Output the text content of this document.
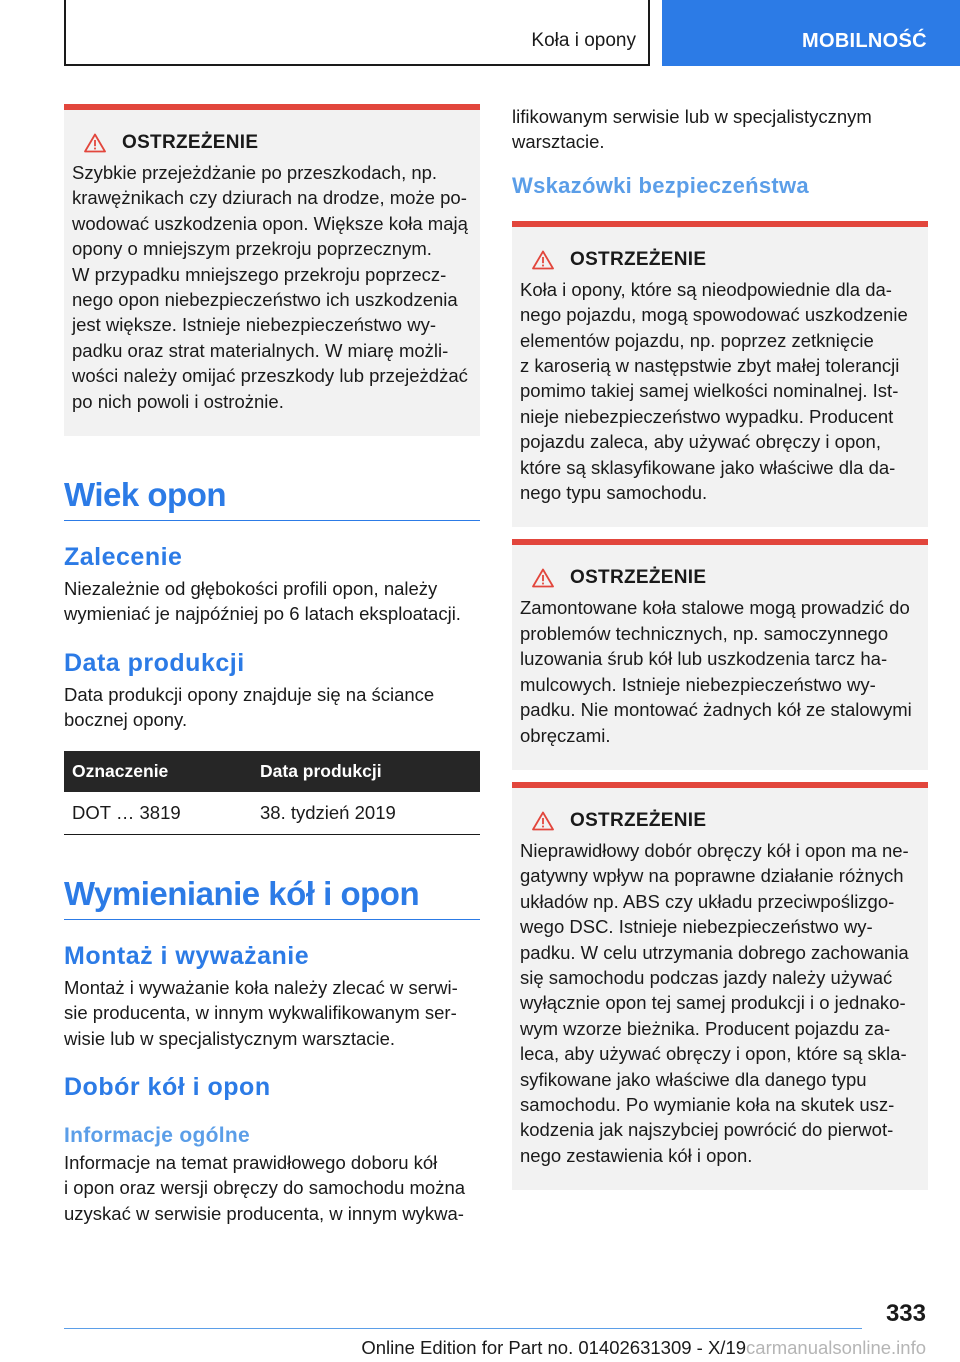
Koła i opony	MOBILNOŚĆ
OSTRZEŻENIE
Szybkie przejeżdżanie po przeszkodach, np.
krawężnikach czy dziurach na drodze, może po-
wodować uszkodzenia opon. Większe koła mają
opony o mniejszym przekroju poprzecznym.
W przypadku mniejszego przekroju poprzecz-
nego opon niebezpieczeństwo ich uszkodzenia
jest większe. Istnieje niebezpieczeństwo wy-
padku oraz strat materialnych. W miarę możli-
wości należy omijać przeszkody lub przejeżdżać
po nich powoli i ostrożnie.
Wiek opon
Zalecenie
Niezależnie od głębokości profili opon, należy
wymieniać je najpóźniej po 6 latach eksploatacji.
Data produkcji
Data produkcji opony znajduje się na ściance
bocznej opony.
Oznaczenie	Data produkcji
DOT … 3819	38. tydzień 2019
Wymienianie kół i opon
Montaż i wyważanie
Montaż i wyważanie koła należy zlecać w serwi-
sie producenta, w innym wykwalifikowanym ser-
wisie lub w specjalistycznym warsztacie.
Dobór kół i opon
Informacje ogólne
Informacje na temat prawidłowego doboru kół
i opon oraz wersji obręczy do samochodu można
uzyskać w serwisie producenta, w innym wykwa-
lifikowanym serwisie lub w specjalistycznym
warsztacie.
Wskazówki bezpieczeństwa
OSTRZEŻENIE
Koła i opony, które są nieodpowiednie dla da-
nego pojazdu, mogą spowodować uszkodzenie
elementów pojazdu, np. poprzez zetknięcie
z karoserią w następstwie zbyt małej tolerancji
pomimo takiej samej wielkości nominalnej. Ist-
nieje niebezpieczeństwo wypadku. Producent
pojazdu zaleca, aby używać obręczy i opon,
które są sklasyfikowane jako właściwe dla da-
nego typu samochodu.
OSTRZEŻENIE
Zamontowane koła stalowe mogą prowadzić do
problemów technicznych, np. samoczynnego
luzowania śrub kół lub uszkodzenia tarcz ha-
mulcowych. Istnieje niebezpieczeństwo wy-
padku. Nie montować żadnych kół ze stalowymi
obręczami.
OSTRZEŻENIE
Nieprawidłowy dobór obręczy kół i opon ma ne-
gatywny wpływ na poprawne działanie różnych
układów np. ABS czy układu przeciwpoślizgo-
wego DSC. Istnieje niebezpieczeństwo wy-
padku. W celu utrzymania dobrego zachowania
się samochodu podczas jazdy należy używać
wyłącznie opon tej samej produkcji i o jednako-
wym wzorze bieżnika. Producent pojazdu za-
leca, aby używać obręczy i opon, które są skla-
syfikowane jako właściwe dla danego typu
samochodu. Po wymianie koła na skutek usz-
kodzenia jak najszybciej powrócić do pierwot-
nego zestawienia kół i opon.
333
Online Edition for Part no. 01402631309 - X/19carmanualsonline.info
